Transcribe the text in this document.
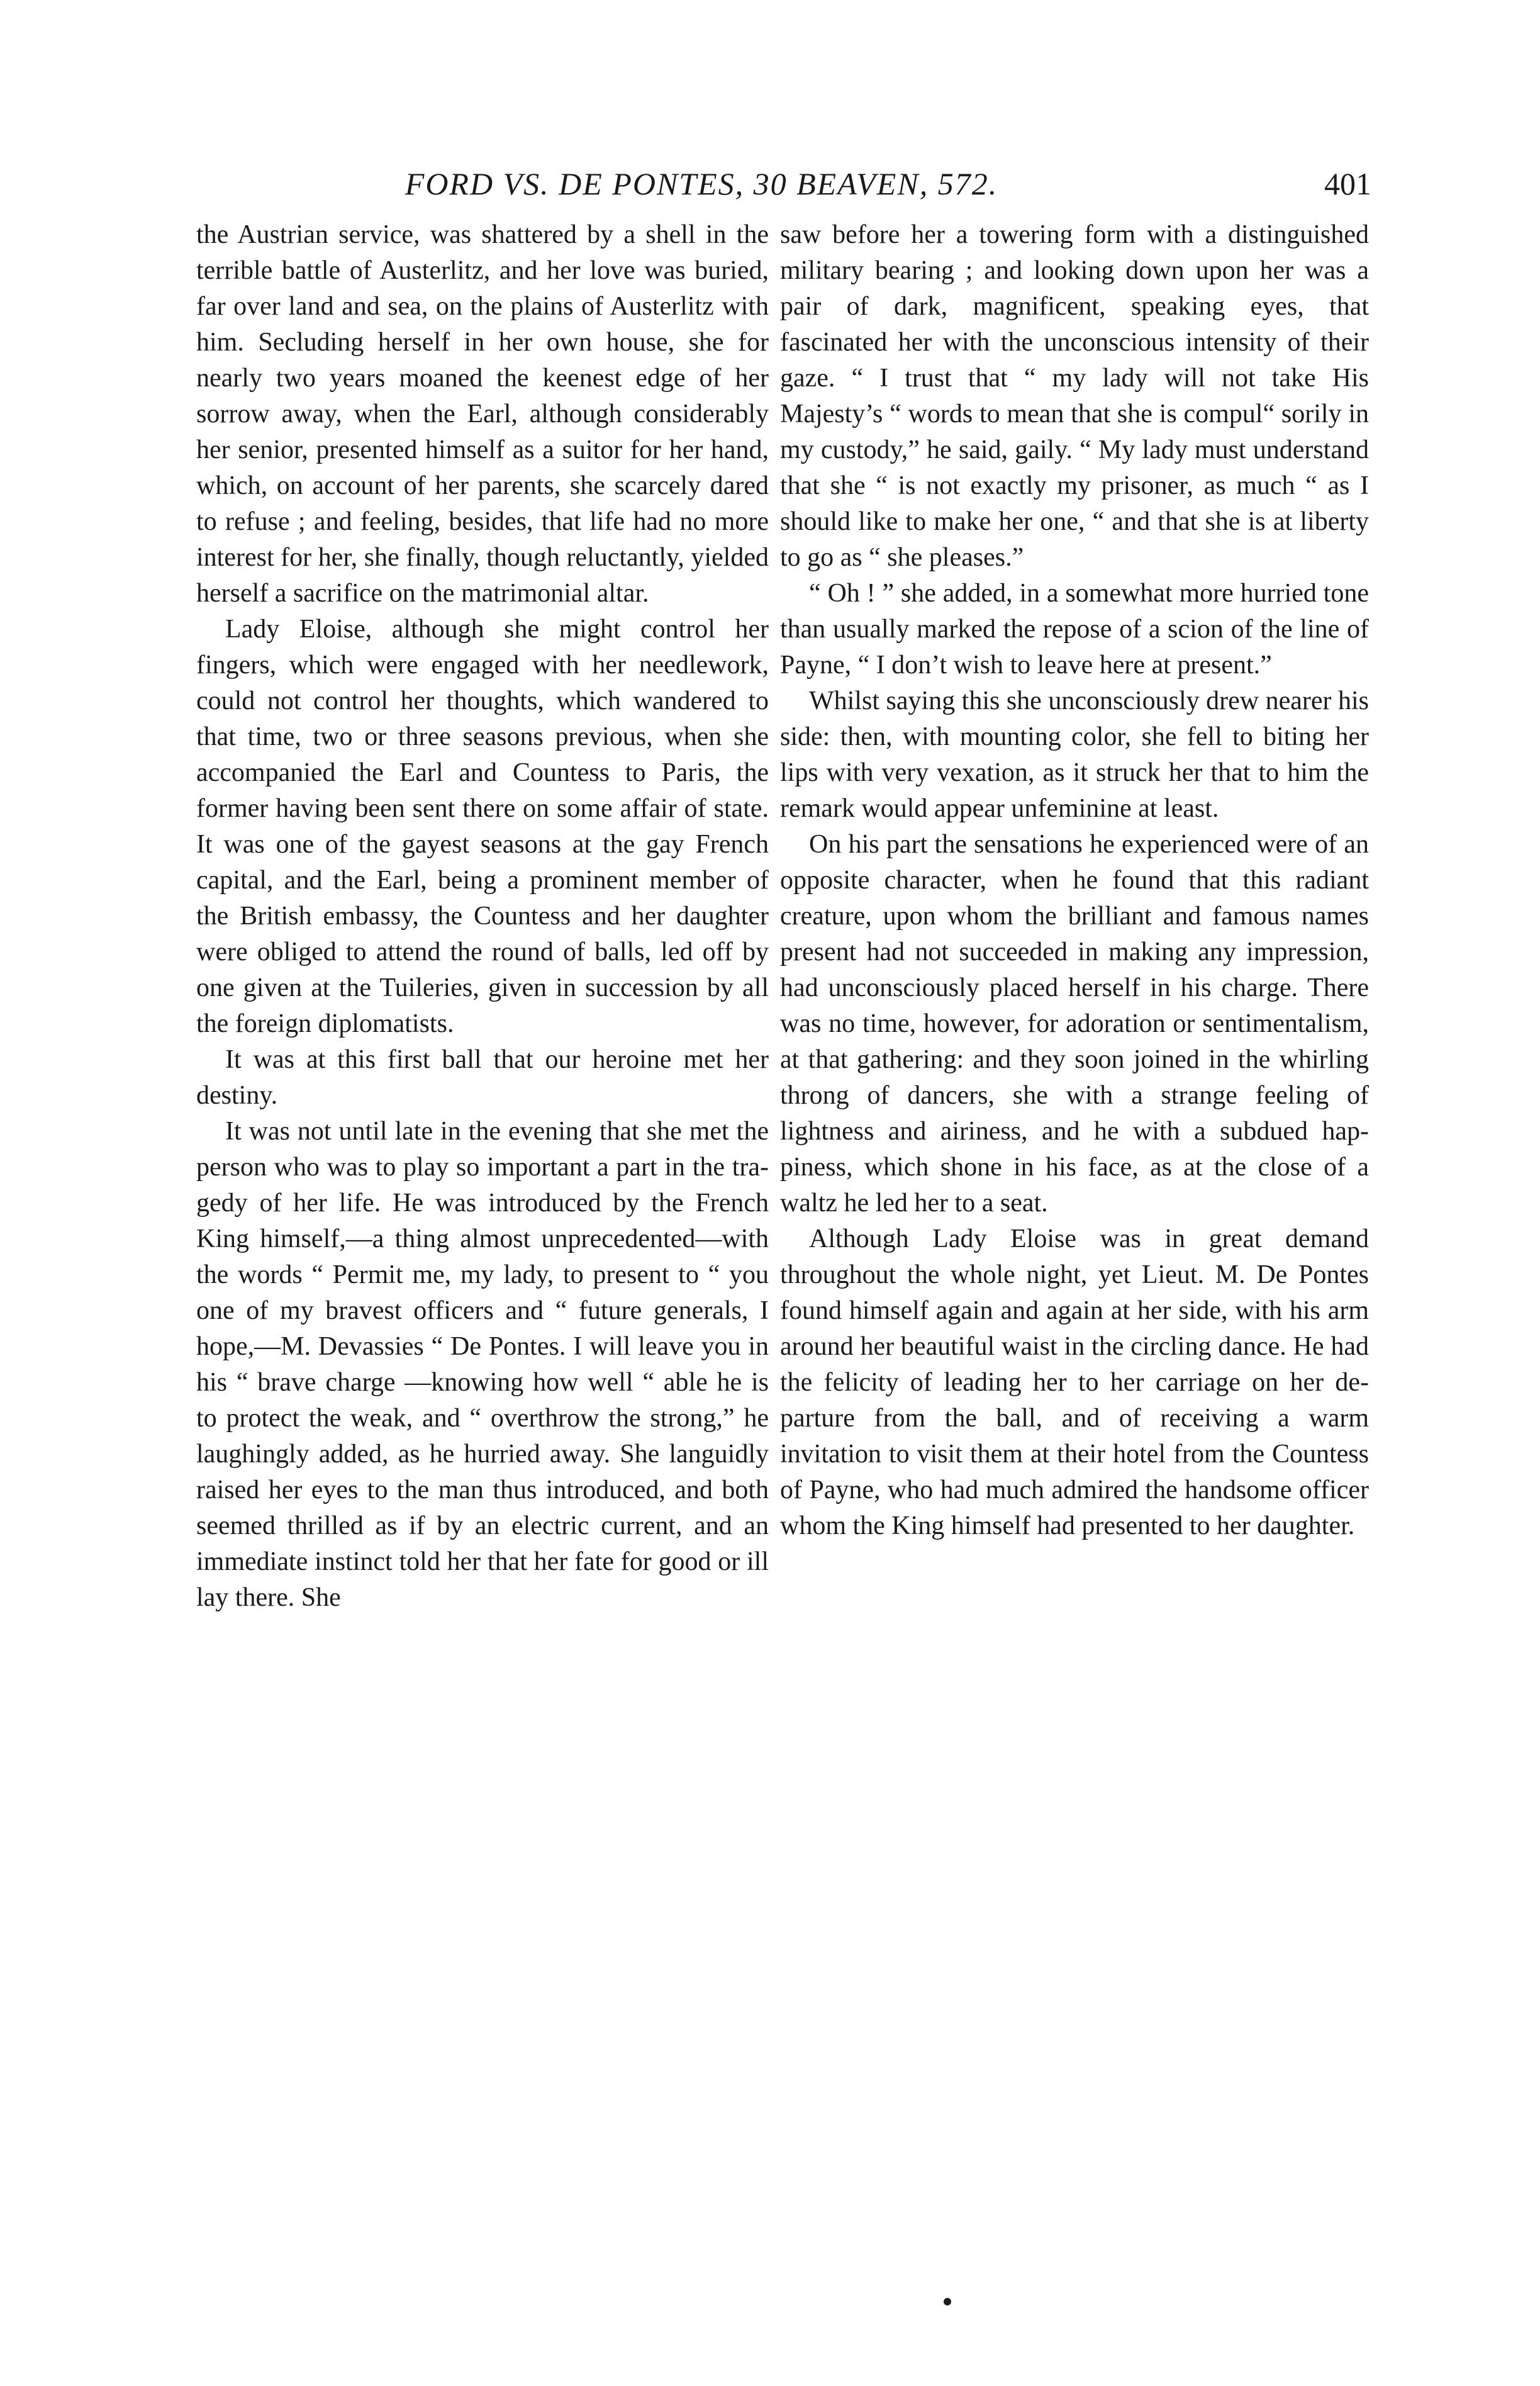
FORD VS. DE PONTES, 30 BEAVEN, 572.	401

the Austrian service, was shattered by a shell in the terrible battle of Austerlitz, and her love was buried, far over land and sea, on the plains of Austerlitz with him. Secluding herself in her own house, she for nearly two years moaned the keenest edge of her sorrow away, when the Earl, although considerably her senior, presented himself as a suitor for her hand, which, on account of her parents, she scarcely dared to refuse ; and feeling, besides, that life had no more interest for her, she finally, though reluctantly, yielded herself a sacrifice on the matrimonial altar.

Lady Eloise, although she might control her fingers, which were engaged with her needlework, could not control her thoughts, which wandered to that time, two or three seasons previous, when she accompanied the Earl and Countess to Paris, the former having been sent there on some affair of state. It was one of the gayest seasons at the gay French capital, and the Earl, being a prominent member of the British embassy, the Countess and her daughter were obliged to attend the round of balls, led off by one given at the Tuileries, given in succession by all the foreign diplomatists.

It was at this first ball that our heroine met her destiny.

It was not until late in the evening that she met the person who was to play so important a part in the tragedy of her life. He was introduced by the French King himself,—a thing almost unprecedented—with the words “ Permit me, my lady, to present to “ you one of my bravest officers and “ future generals, I hope,—M. Devassies “ De Pontes. I will leave you in his “ brave charge —knowing how well “ able he is to protect the weak, and “ overthrow the strong,” he laughingly added, as he hurried away. She languidly raised her eyes to the man thus introduced, and both seemed thrilled as if by an electric current, and an immediate instinct told her that her fate for good or ill lay there. She

saw before her a towering form with a distinguished military bearing ; and looking down upon her was a pair of dark, magnificent, speaking eyes, that fascinated her with the unconscious intensity of their gaze. “ I trust that “ my lady will not take His Majesty’s “ words to mean that she is compul“ sorily in my custody,” he said, gaily. “ My lady must understand that she “ is not exactly my prisoner, as much “ as I should like to make her one, “ and that she is at liberty to go as “ she pleases.”

“ Oh ! ” she added, in a somewhat more hurried tone than usually marked the repose of a scion of the line of Payne, “ I don’t wish to leave here at present.”

Whilst saying this she unconsciously drew nearer his side: then, with mounting color, she fell to biting her lips with very vexation, as it struck her that to him the remark would appear unfeminine at least.

On his part the sensations he experienced were of an opposite character, when he found that this radiant creature, upon whom the brilliant and famous names present had not succeeded in making any impression, had unconsciously placed herself in his charge. There was no time, however, for adoration or sentimentalism, at that gathering: and they soon joined in the whirling throng of dancers, she with a strange feeling of lightness and airiness, and he with a subdued happiness, which shone in his face, as at the close of a waltz he led her to a seat.

Although Lady Eloise was in great demand throughout the whole night, yet Lieut. M. De Pontes found himself again and again at her side, with his arm around her beautiful waist in the circling dance. He had the felicity of leading her to her carriage on her departure from the ball, and of receiving a warm invitation to visit them at their hotel from the Countess of Payne, who had much admired the handsome officer whom the King himself had presented to her daughter.
